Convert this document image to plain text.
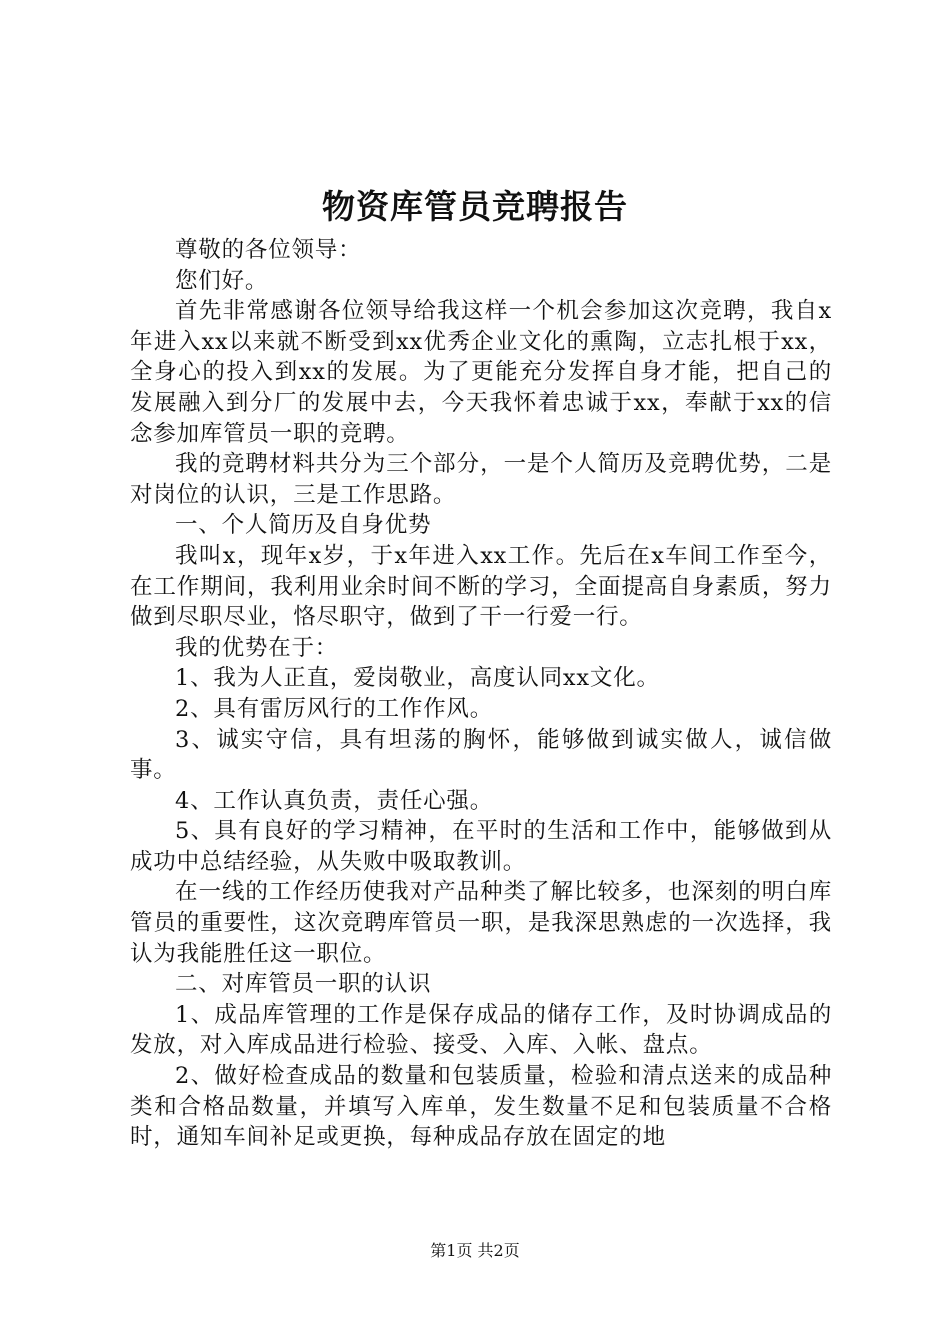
物资库管员竞聘报告

尊敬的各位领导：

您们好。

首先非常感谢各位领导给我这样一个机会参加这次竞聘，我自x年进入xx以来就不断受到xx优秀企业文化的熏陶，立志扎根于xx，全身心的投入到xx的发展。为了更能充分发挥自身才能，把自己的发展融入到分厂的发展中去，今天我怀着忠诚于xx，奉献于xx的信念参加库管员一职的竞聘。

我的竞聘材料共分为三个部分，一是个人简历及竞聘优势，二是对岗位的认识，三是工作思路。

一、个人简历及自身优势

我叫x，现年x岁，于x年进入xx工作。先后在x车间工作至今，在工作期间，我利用业余时间不断的学习，全面提高自身素质，努力做到尽职尽业，恪尽职守，做到了干一行爱一行。

我的优势在于：

1、我为人正直，爱岗敬业，高度认同xx文化。

2、具有雷厉风行的工作作风。

3、诚实守信，具有坦荡的胸怀，能够做到诚实做人，诚信做事。

4、工作认真负责，责任心强。

5、具有良好的学习精神，在平时的生活和工作中，能够做到从成功中总结经验，从失败中吸取教训。

在一线的工作经历使我对产品种类了解比较多，也深刻的明白库管员的重要性，这次竞聘库管员一职，是我深思熟虑的一次选择，我认为我能胜任这一职位。

二、对库管员一职的认识

1、成品库管理的工作是保存成品的储存工作，及时协调成品的发放，对入库成品进行检验、接受、入库、入帐、盘点。

2、做好检查成品的数量和包装质量，检验和清点送来的成品种类和合格品数量，并填写入库单，发生数量不足和包装质量不合格时，通知车间补足或更换，每种成品存放在固定的地

第1页 共2页
